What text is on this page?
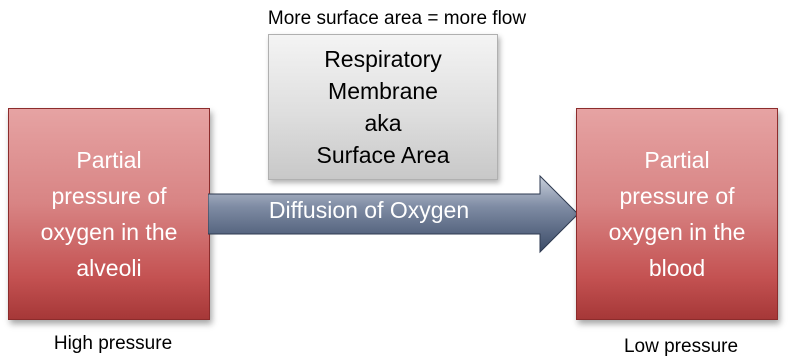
More surface area = more flow
Respiratory
Membrane
aka
Surface Area
Partial
pressure of
oxygen in the
alveoli
Diffusion of Oxygen
Partial
pressure of
oxygen in the
blood
High pressure	Low pressure
